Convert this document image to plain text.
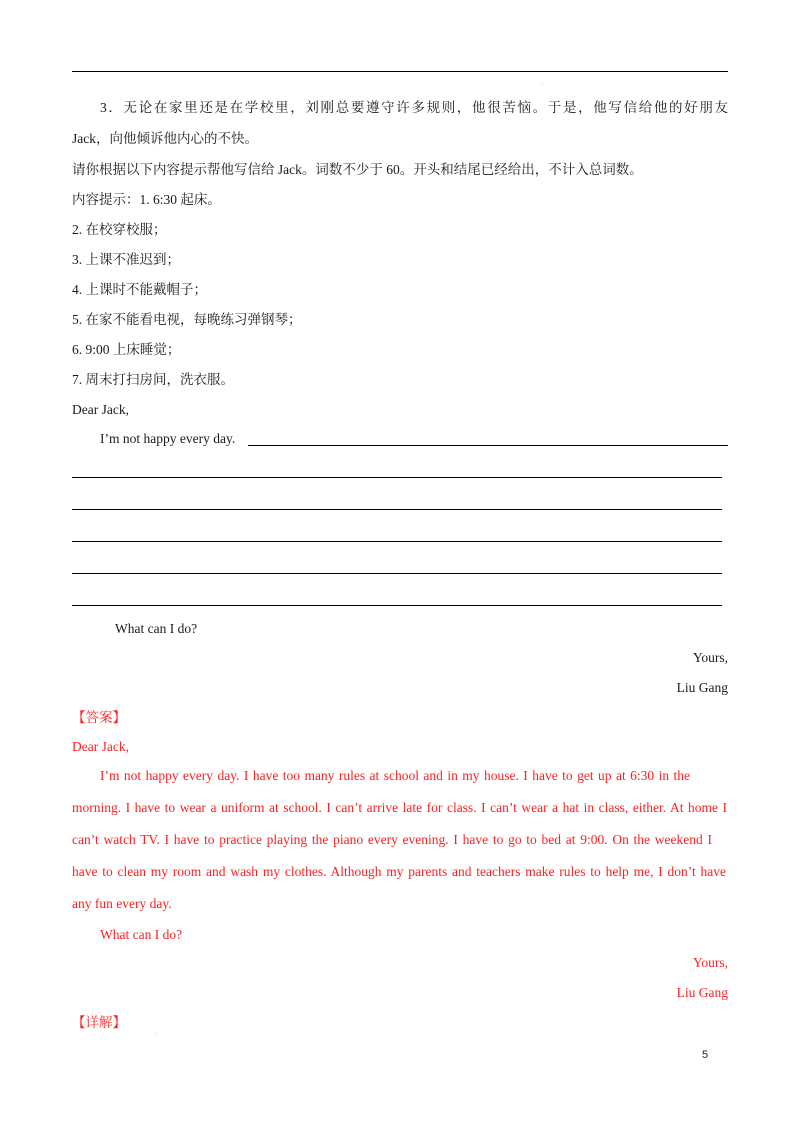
.
3．无论在家里还是在学校里，刘刚总要遵守许多规则，他很苦恼。于是，他写信给他的好朋友
Jack，向他倾诉他内心的不快。
请你根据以下内容提示帮他写信给 Jack。词数不少于 60。开头和结尾已经给出，不计入总词数。
内容提示：1. 6:30 起床。
2. 在校穿校服；
3. 上课不准迟到；
4. 上课时不能戴帽子；
5. 在家不能看电视，每晚练习弹钢琴；
6. 9:00 上床睡觉；
7. 周末打扫房间，洗衣服。
Dear Jack,
I’m not happy every day.
What can I do?
Yours,
Liu Gang
【答案】
Dear Jack,
I’m not happy every day. I have too many rules at school and in my house. I have to get up at 6:30 in the
morning. I have to wear a uniform at school. I can’t arrive late for class. I can’t wear a hat in class, either. At home I
can’t watch TV. I have to practice playing the piano every evening. I have to go to bed at 9:00. On the weekend I
have to clean my room and wash my clothes. Although my parents and teachers make rules to help me, I don’t have
any fun every day.
What can I do?
Yours,
Liu Gang
【详解】
.
5
